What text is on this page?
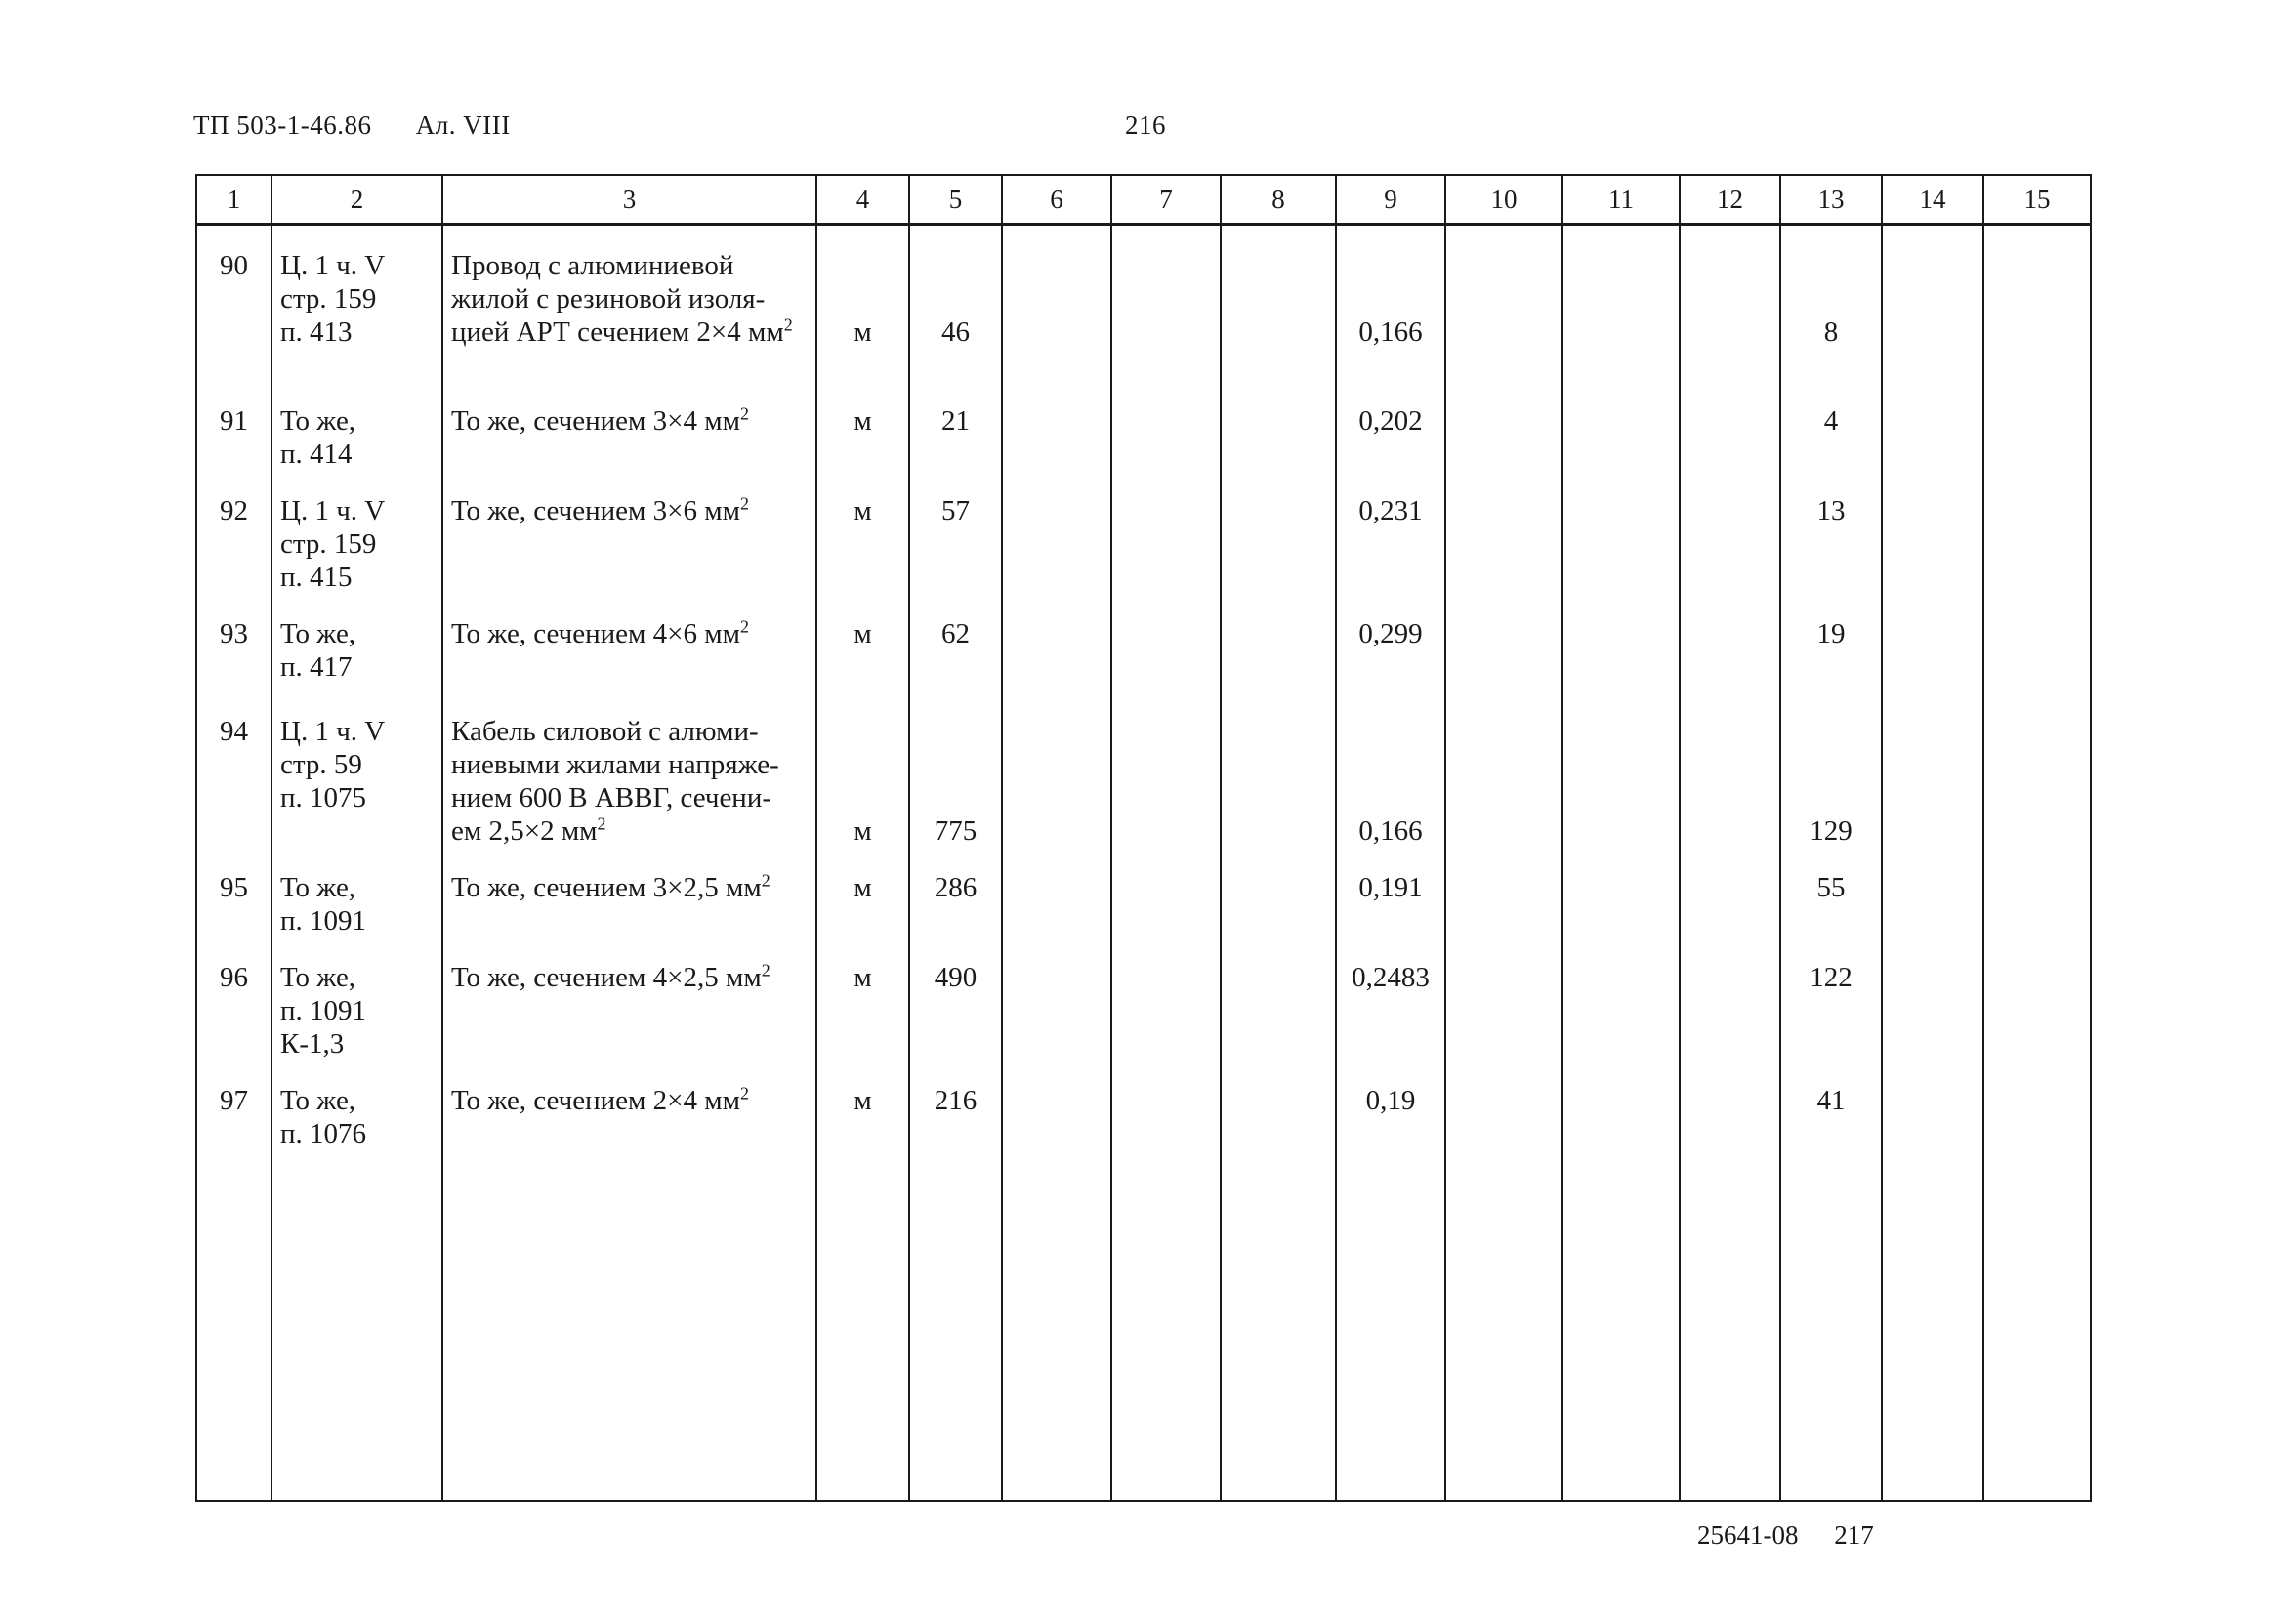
ТП 503-1-46.86 Ал. VIII	216
1	2	3	4	5	6	7	8	9	10	11	12	13	14	15
90	Ц. 1 ч. V
стр. 159
п. 413	Провод с алюминиевой
жилой с резиновой изоля-
цией АРТ сечением 2×4 $мм^2$	м	46				0,166				8		

91	То же,
п. 414	То же, сечением 3×4 $мм^2$	м	21				0,202				4		
92	Ц. 1 ч. V
стр. 159
п. 415	То же, сечением 3×6 $мм^2$	м	57				0,231				13		
93	То же,
п. 417	То же, сечением 4×6 $мм^2$	м	62				0,299				19		
94	Ц. 1 ч. V
стр. 59
п. 1075	Кабель силовой с алюми-
ниевыми жилами напряже-
нием 600 В АВВГ, сечени-
ем 2,5×2 $мм^2$	м	775				0,166				129		

95	То же,
п. 1091	То же, сечением 3×2,5 $мм^2$	м	286				0,191				55		
96	То же,
п. 1091
К-1,3	То же, сечением 4×2,5 $мм^2$	м	490				0,2483				122		
97	То же,
п. 1076	То же, сечением 2×4 $мм^2$	м	216				0,19				41		

25641-08 217
